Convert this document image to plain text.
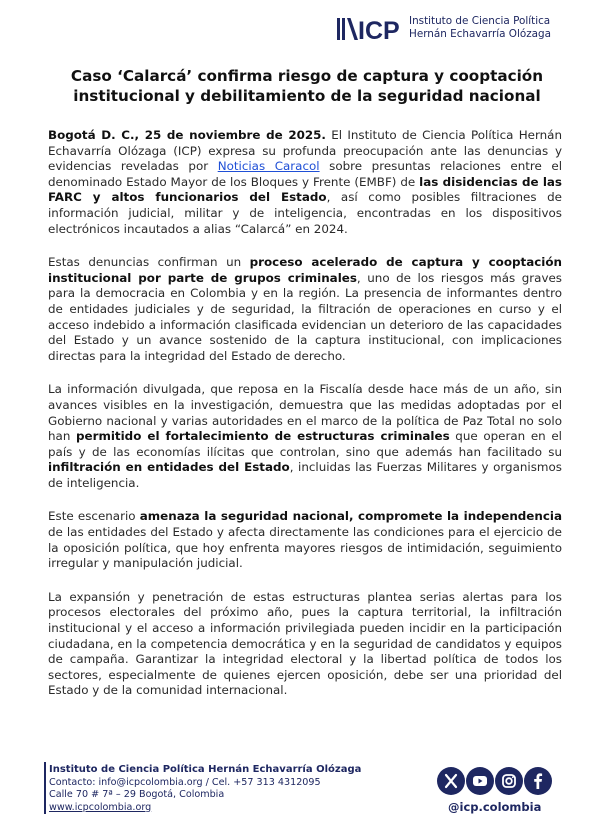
ICP Instituto de Ciencia Política
Hernán Echavarría Olózaga
Caso ‘Calarcá’ confirma riesgo de captura y cooptación
institucional y debilitamiento de la seguridad nacional

Bogotá D. C., 25 de noviembre de 2025. El Instituto de Ciencia Política Hernán Echavarría Olózaga (ICP) expresa su profunda preocupación ante las denuncias y evidencias reveladas por Noticias Caracol sobre presuntas relaciones entre el denominado Estado Mayor de los Bloques y Frente (EMBF) de las disidencias de las FARC y altos funcionarios del Estado, así como posibles filtraciones de información judicial, militar y de inteligencia, encontradas en los dispositivos electrónicos incautados a alias “Calarcá” en 2024.

Estas denuncias confirman un proceso acelerado de captura y cooptación institucional por parte de grupos criminales, uno de los riesgos más graves para la democracia en Colombia y en la región. La presencia de informantes dentro de entidades judiciales y de seguridad, la filtración de operaciones en curso y el acceso indebido a información clasificada evidencian un deterioro de las capacidades del Estado y un avance sostenido de la captura institucional, con implicaciones directas para la integridad del Estado de derecho.

La información divulgada, que reposa en la Fiscalía desde hace más de un año, sin avances visibles en la investigación, demuestra que las medidas adoptadas por el Gobierno nacional y varias autoridades en el marco de la política de Paz Total no solo han permitido el fortalecimiento de estructuras criminales que operan en el país y de las economías ilícitas que controlan, sino que además han facilitado su infiltración en entidades del Estado, incluidas las Fuerzas Militares y organismos de inteligencia.

Este escenario amenaza la seguridad nacional, compromete la independencia de las entidades del Estado y afecta directamente las condiciones para el ejercicio de la oposición política, que hoy enfrenta mayores riesgos de intimidación, seguimiento irregular y manipulación judicial.

La expansión y penetración de estas estructuras plantea serias alertas para los procesos electorales del próximo año, pues la captura territorial, la infiltración institucional y el acceso a información privilegiada pueden incidir en la participación ciudadana, en la competencia democrática y en la seguridad de candidatos y equipos de campaña. Garantizar la integridad electoral y la libertad política de todos los sectores, especialmente de quienes ejercen oposición, debe ser una prioridad del Estado y de la comunidad internacional.

Instituto de Ciencia Política Hernán Echavarría Olózaga
Contacto: info@icpcolombia.org / Cel. +57 313 4312095
Calle 70 # 7ª – 29 Bogotá, Colombia
www.icpcolombia.org	@icp.colombia
